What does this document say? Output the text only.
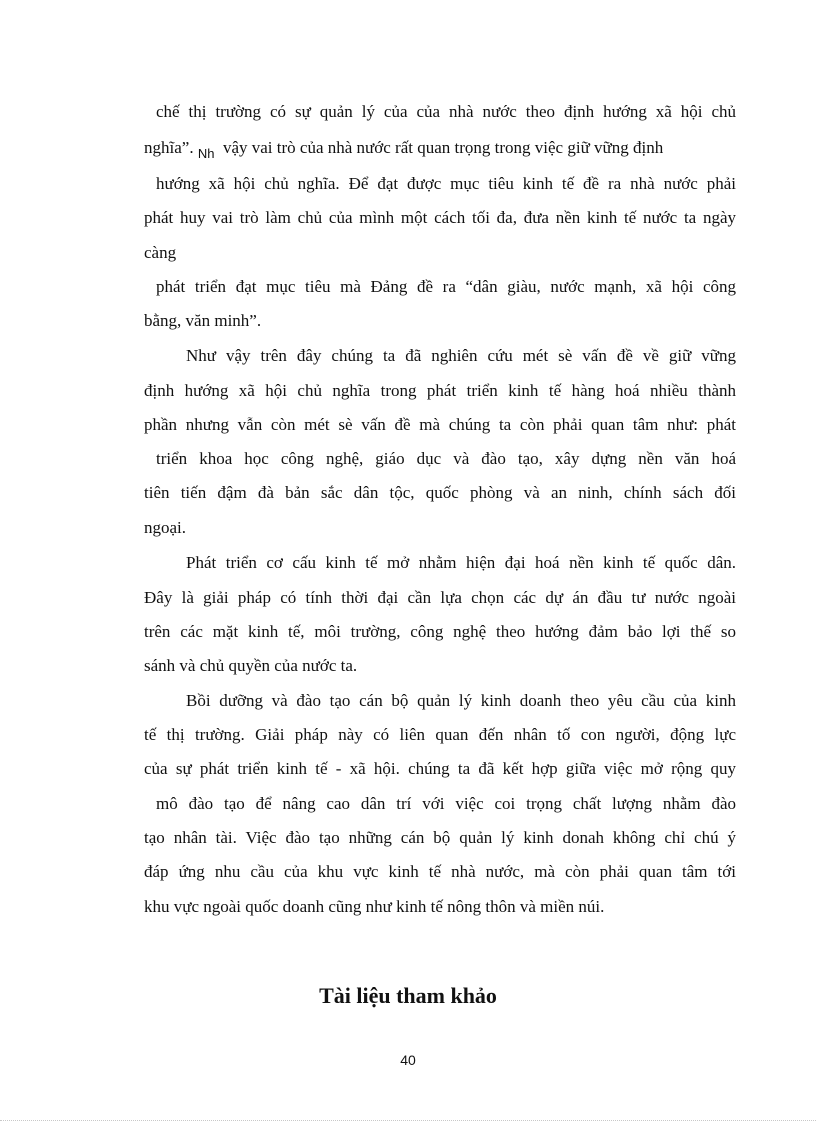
chế thị trường có sự quản lý của của nhà nước theo định hướng xã hội chủ
nghĩa”. $_{Nh}$  vậy vai trò của nhà nước rất quan trọng trong việc giữ vững định
hướng xã hội chủ nghĩa. Để đạt được mục tiêu kinh tế đề ra nhà nước phải
phát huy vai trò làm chủ của mình một cách tối đa, đưa nền kinh tế nước ta ngày
càng
phát triển đạt mục tiêu mà Đảng đề ra “dân giàu, nước mạnh, xã hội công
bằng, văn minh”.
Như vậy trên đây chúng ta đã nghiên cứu mét sè vấn đề về giữ vững
định hướng xã hội chủ nghĩa trong phát triển kinh tế hàng hoá nhiều thành
phần nhưng vẫn còn mét sè vấn đề mà chúng ta còn phải quan tâm như: phát
triển khoa học công nghệ, giáo dục và đào tạo, xây dựng nền văn hoá
tiên tiến đậm đà bản sắc dân tộc, quốc phòng và an ninh, chính sách đối
ngoại.
Phát triển cơ cấu kinh tế mở nhằm hiện đại hoá nền kinh tế quốc dân.
Đây là giải pháp có tính thời đại cần lựa chọn các dự án đầu tư nước ngoài
trên các mặt kinh tế, môi trường, công nghệ theo hướng đảm bảo lợi thế so
sánh và chủ quyền của nước ta.
Bồi dưỡng và đào tạo cán bộ quản lý kinh doanh theo yêu cầu của kinh
tế thị trường. Giải pháp này có liên quan đến nhân tố con người, động lực
của sự phát triển kinh tế - xã hội. chúng ta đã kết hợp giữa việc mở rộng quy
mô đào tạo để nâng cao dân trí với việc coi trọng chất lượng nhằm đào
tạo nhân tài. Việc đào tạo những cán bộ quản lý kinh donah không chỉ chú ý
đáp ứng nhu cầu của khu vực kinh tế nhà nước, mà còn phải quan tâm tới
khu vực ngoài quốc doanh cũng như kinh tế nông thôn và miền núi.
Tài liệu tham khảo
40
